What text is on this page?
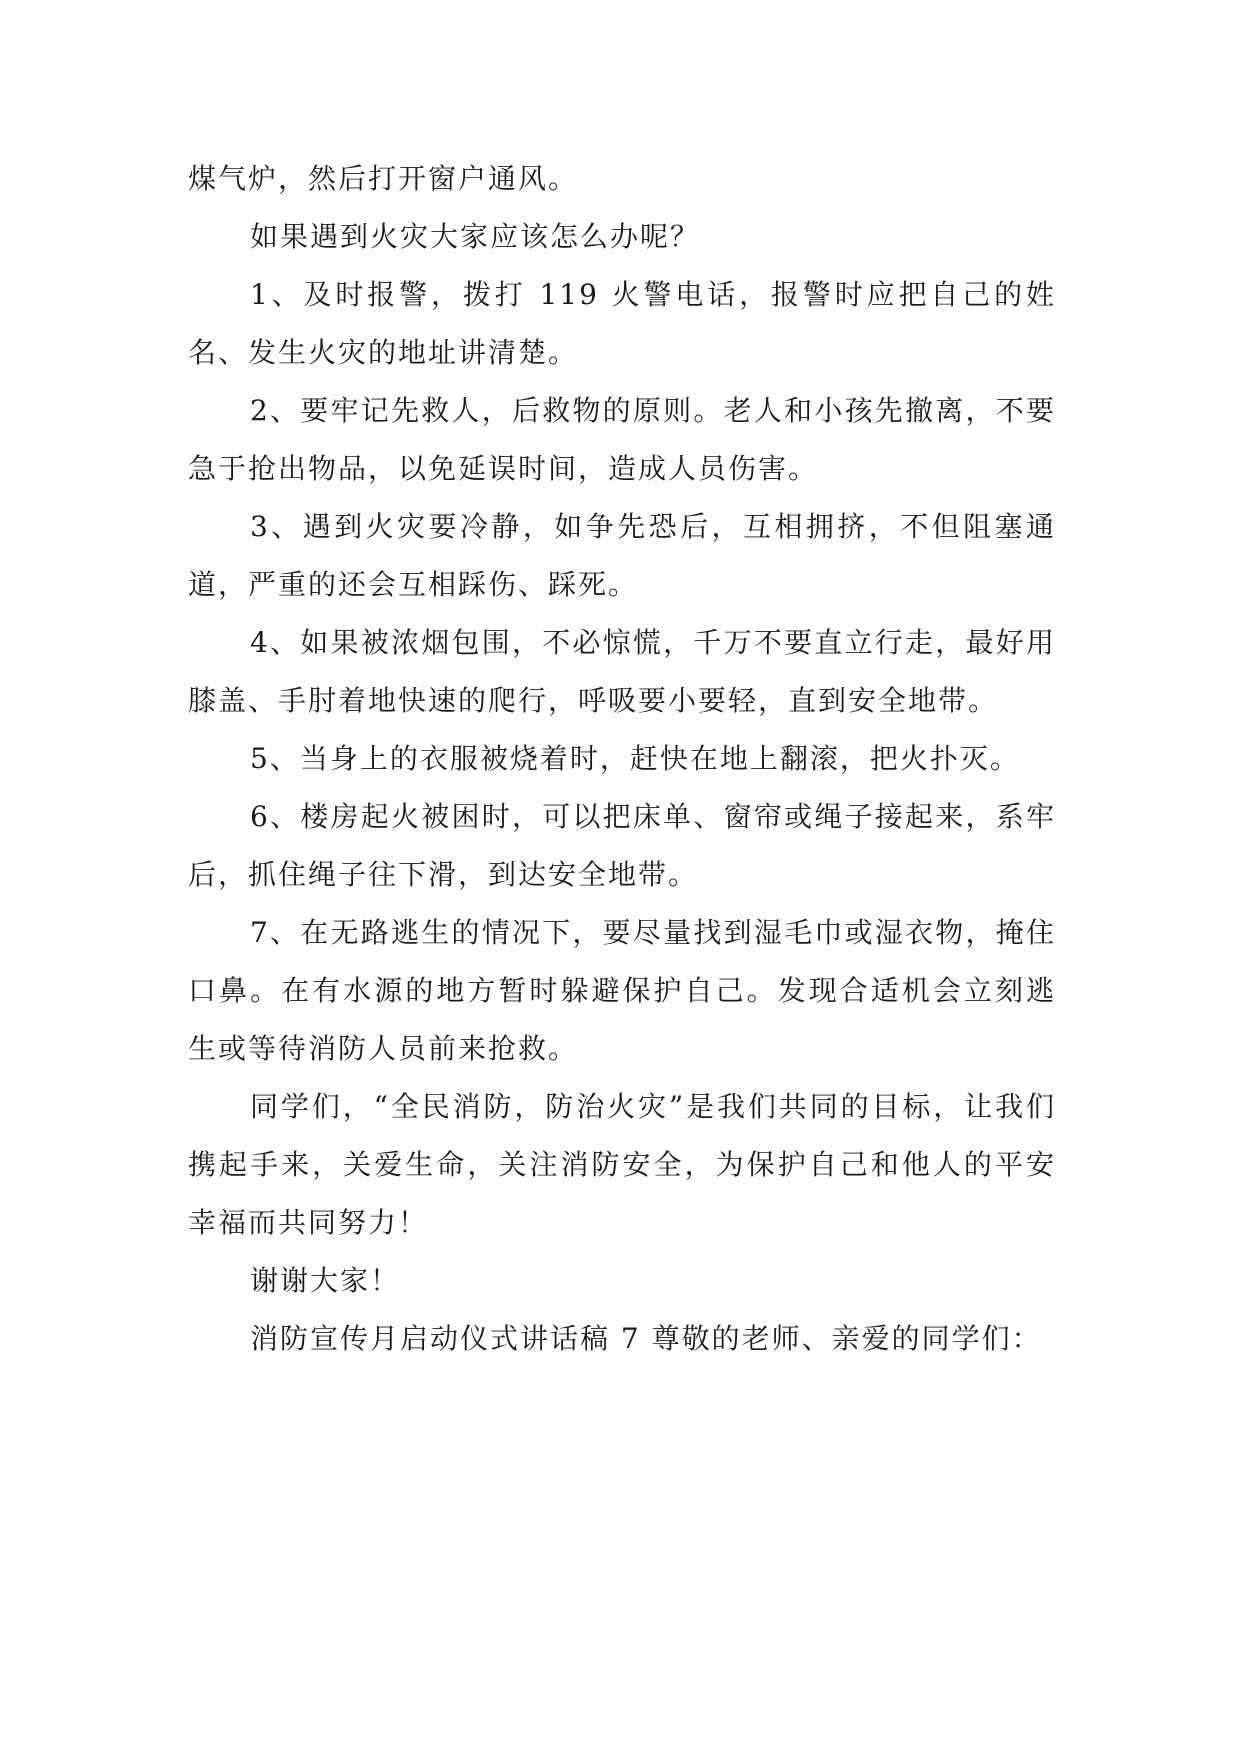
煤气炉，然后打开窗户通风。

如果遇到火灾大家应该怎么办呢？

1、及时报警，拨打 119 火警电话，报警时应把自己的姓名、发生火灾的地址讲清楚。

2、要牢记先救人，后救物的原则。老人和小孩先撤离，不要急于抢出物品，以免延误时间，造成人员伤害。

3、遇到火灾要冷静，如争先恐后，互相拥挤，不但阻塞通道，严重的还会互相踩伤、踩死。

4、如果被浓烟包围，不必惊慌，千万不要直立行走，最好用膝盖、手肘着地快速的爬行，呼吸要小要轻，直到安全地带。

5、当身上的衣服被烧着时，赶快在地上翻滚，把火扑灭。

6、楼房起火被困时，可以把床单、窗帘或绳子接起来，系牢后，抓住绳子往下滑，到达安全地带。

7、在无路逃生的情况下，要尽量找到湿毛巾或湿衣物，掩住口鼻。在有水源的地方暂时躲避保护自己。发现合适机会立刻逃生或等待消防人员前来抢救。

同学们，“全民消防，防治火灾”是我们共同的目标，让我们携起手来，关爱生命，关注消防安全，为保护自己和他人的平安幸福而共同努力！

谢谢大家！

消防宣传月启动仪式讲话稿 7 尊敬的老师、亲爱的同学们：
